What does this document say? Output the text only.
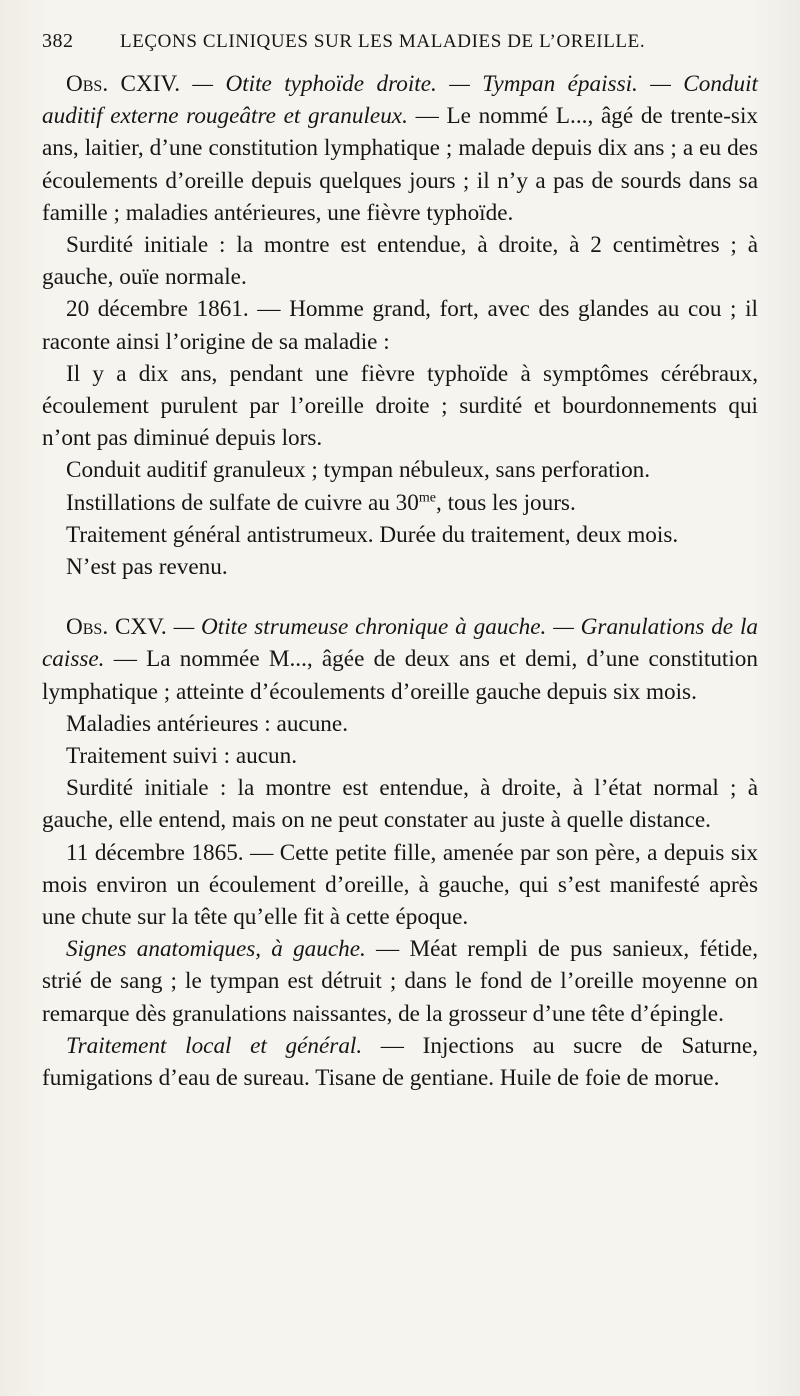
382	LEÇONS CLINIQUES SUR LES MALADIES DE L’OREILLE.

Obs. CXIV. — Otite typhoïde droite. — Tympan épaissi. — Conduit auditif externe rougeâtre et granuleux. — Le nommé L..., âgé de trente-six ans, laitier, d’une constitution lymphatique ; malade depuis dix ans ; a eu des écoulements d’oreille depuis quelques jours ; il n’y a pas de sourds dans sa famille ; maladies antérieures, une fièvre typhoïde.

Surdité initiale : la montre est entendue, à droite, à 2 centimètres ; à gauche, ouïe normale.

20 décembre 1861. — Homme grand, fort, avec des glandes au cou ; il raconte ainsi l’origine de sa maladie :

Il y a dix ans, pendant une fièvre typhoïde à symptômes cérébraux, écoulement purulent par l’oreille droite ; surdité et bourdonnements qui n’ont pas diminué depuis lors.

Conduit auditif granuleux ; tympan nébuleux, sans perforation.

Instillations de sulfate de cuivre au $30^{me}$, tous les jours.

Traitement général antistrumeux. Durée du traitement, deux mois.

N’est pas revenu.

Obs. CXV. — Otite strumeuse chronique à gauche. — Granulations de la caisse. — La nommée M..., âgée de deux ans et demi, d’une constitution lymphatique ; atteinte d’écoulements d’oreille gauche depuis six mois.

Maladies antérieures : aucune.

Traitement suivi : aucun.

Surdité initiale : la montre est entendue, à droite, à l’état normal ; à gauche, elle entend, mais on ne peut constater au juste à quelle distance.

11 décembre 1865. — Cette petite fille, amenée par son père, a depuis six mois environ un écoulement d’oreille, à gauche, qui s’est manifesté après une chute sur la tête qu’elle fit à cette époque.

Signes anatomiques, à gauche. — Méat rempli de pus sanieux, fétide, strié de sang ; le tympan est détruit ; dans le fond de l’oreille moyenne on remarque dès granulations naissantes, de la grosseur d’une tête d’épingle.

Traitement local et général. — Injections au sucre de Saturne, fumigations d’eau de sureau. Tisane de gentiane. Huile de foie de morue.
